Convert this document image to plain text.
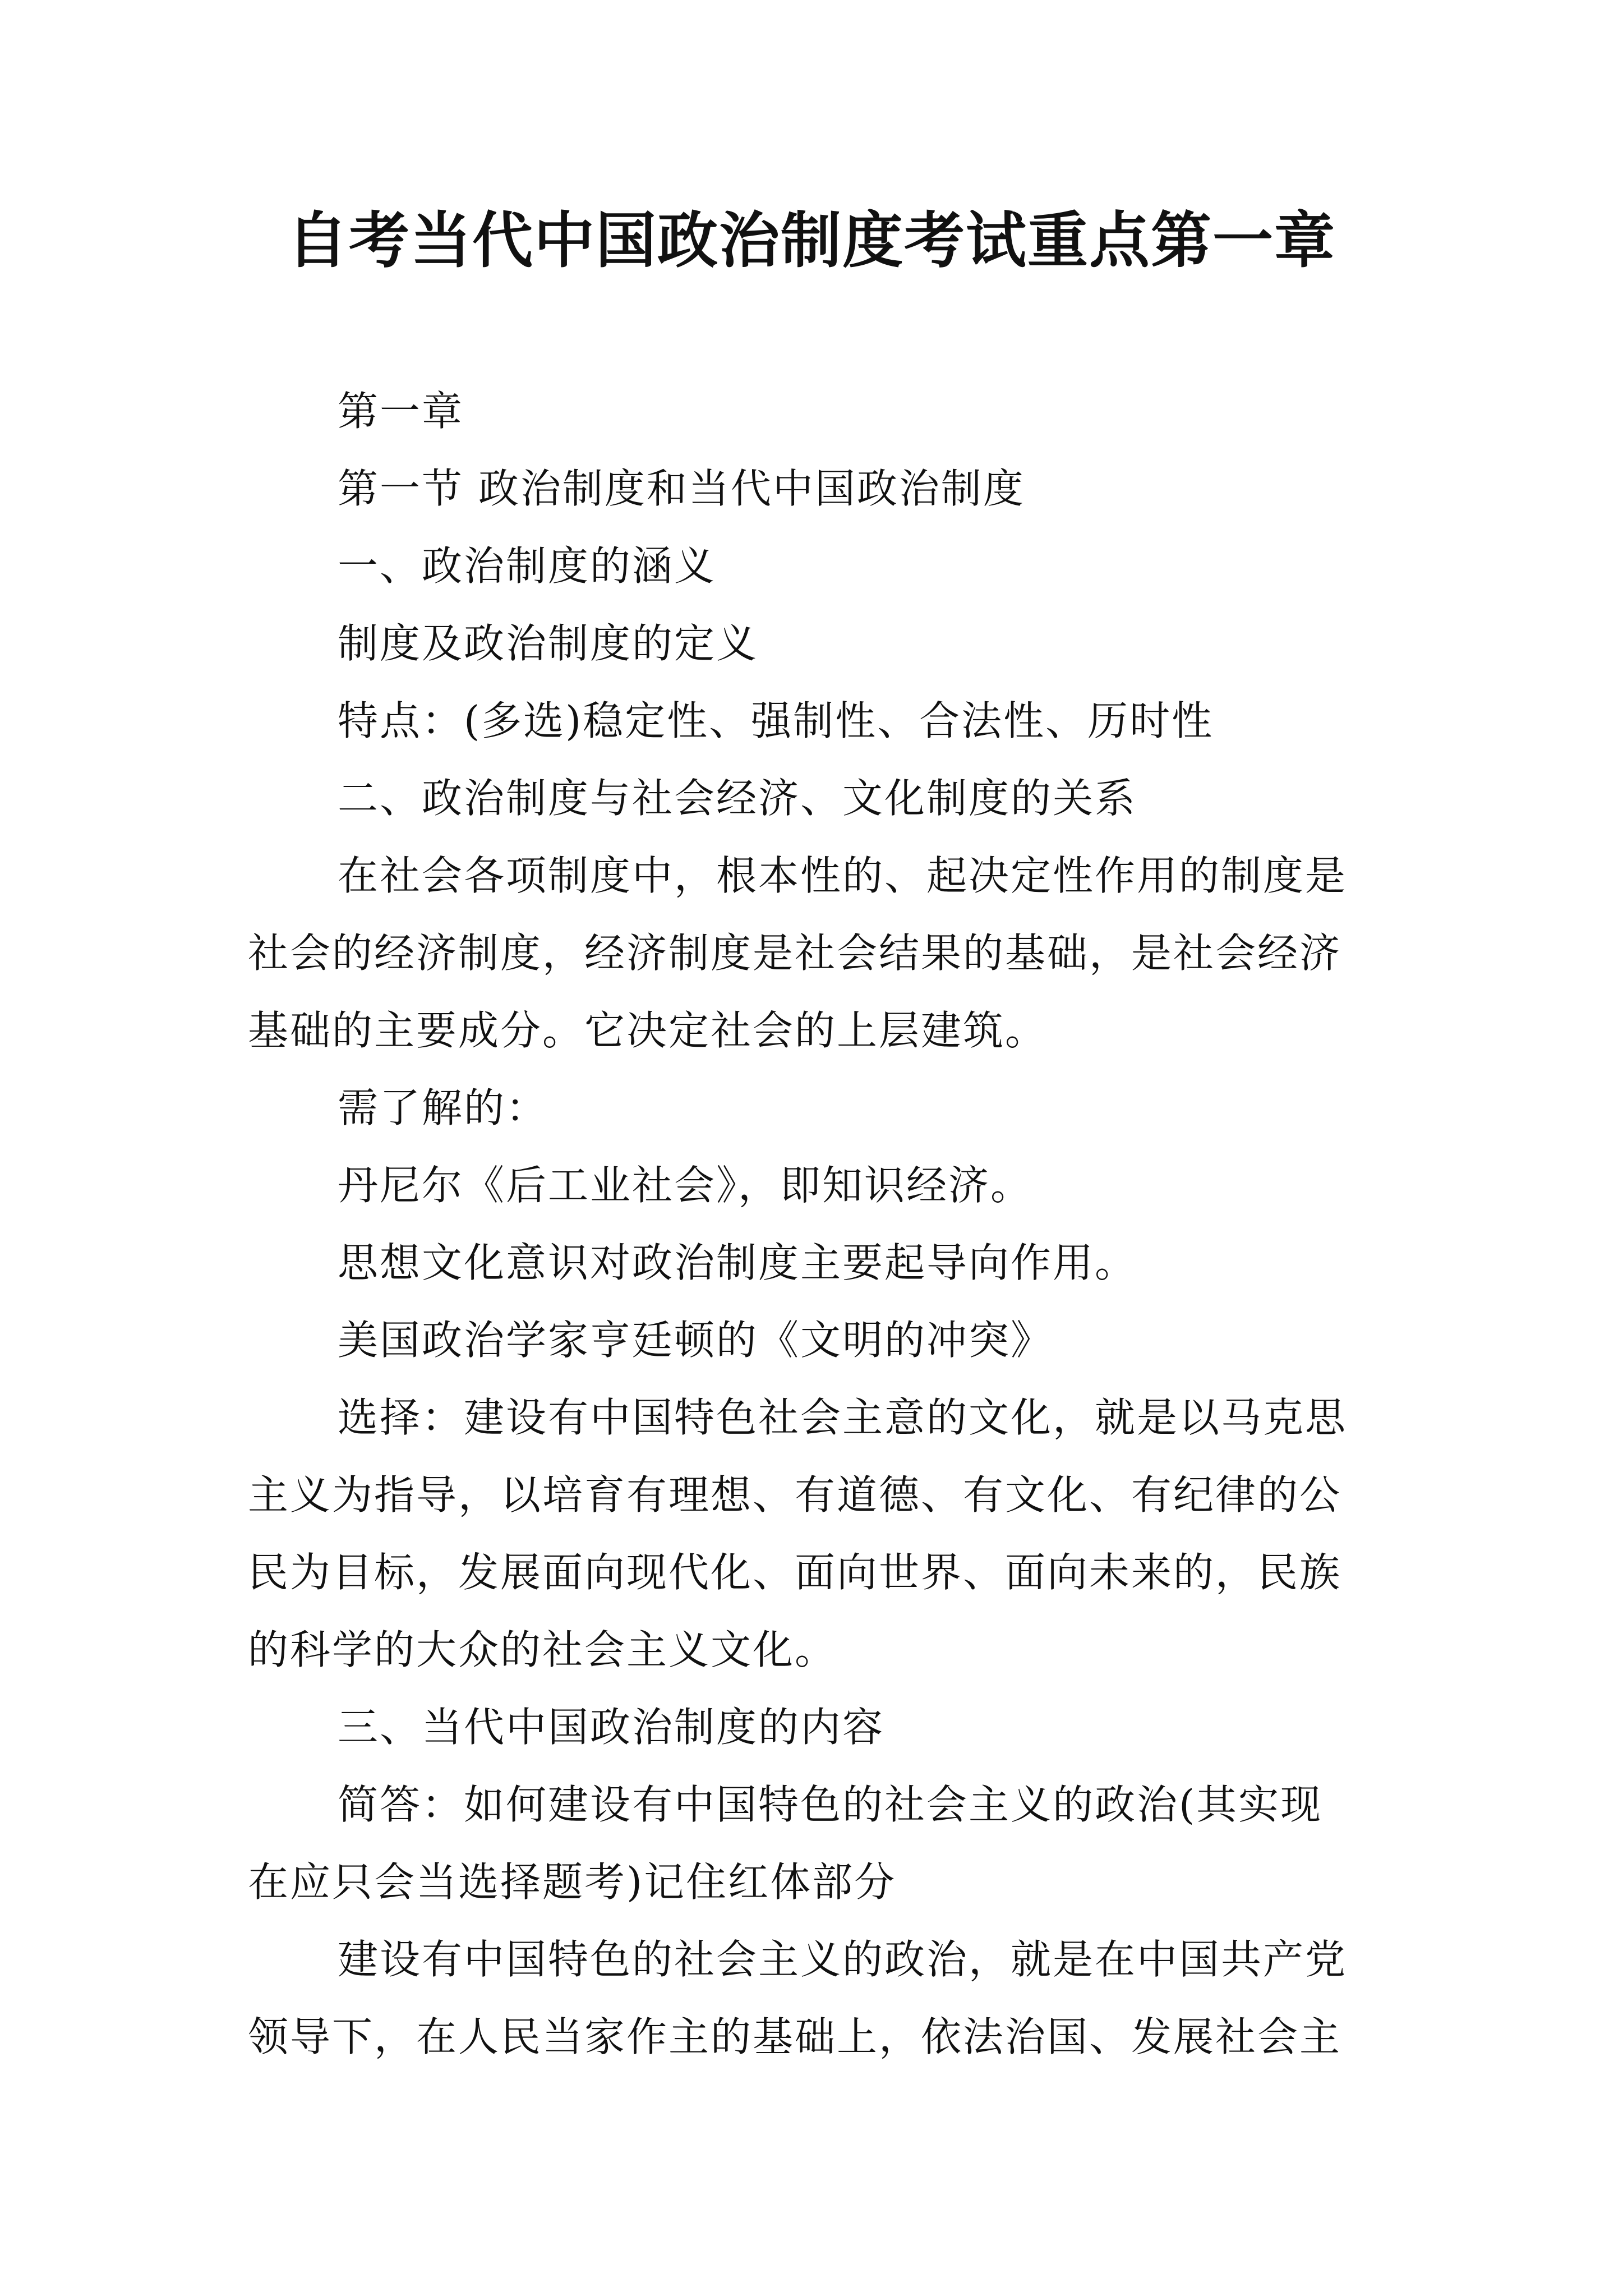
自考当代中国政治制度考试重点第一章

第一章

第一节 政治制度和当代中国政治制度

一、政治制度的涵义

制度及政治制度的定义

特点：(多选)稳定性、强制性、合法性、历时性

二、政治制度与社会经济、文化制度的关系

在社会各项制度中，根本性的、起决定性作用的制度是

社会的经济制度，经济制度是社会结果的基础，是社会经济

基础的主要成分。它决定社会的上层建筑。

需了解的：

丹尼尔《后工业社会》，即知识经济。

思想文化意识对政治制度主要起导向作用。

美国政治学家亨廷顿的《文明的冲突》

选择：建设有中国特色社会主意的文化，就是以马克思

主义为指导，以培育有理想、有道德、有文化、有纪律的公

民为目标，发展面向现代化、面向世界、面向未来的，民族

的科学的大众的社会主义文化。

三、当代中国政治制度的内容

简答：如何建设有中国特色的社会主义的政治(其实现

在应只会当选择题考)记住红体部分

建设有中国特色的社会主义的政治，就是在中国共产党

领导下，在人民当家作主的基础上，依法治国、发展社会主
